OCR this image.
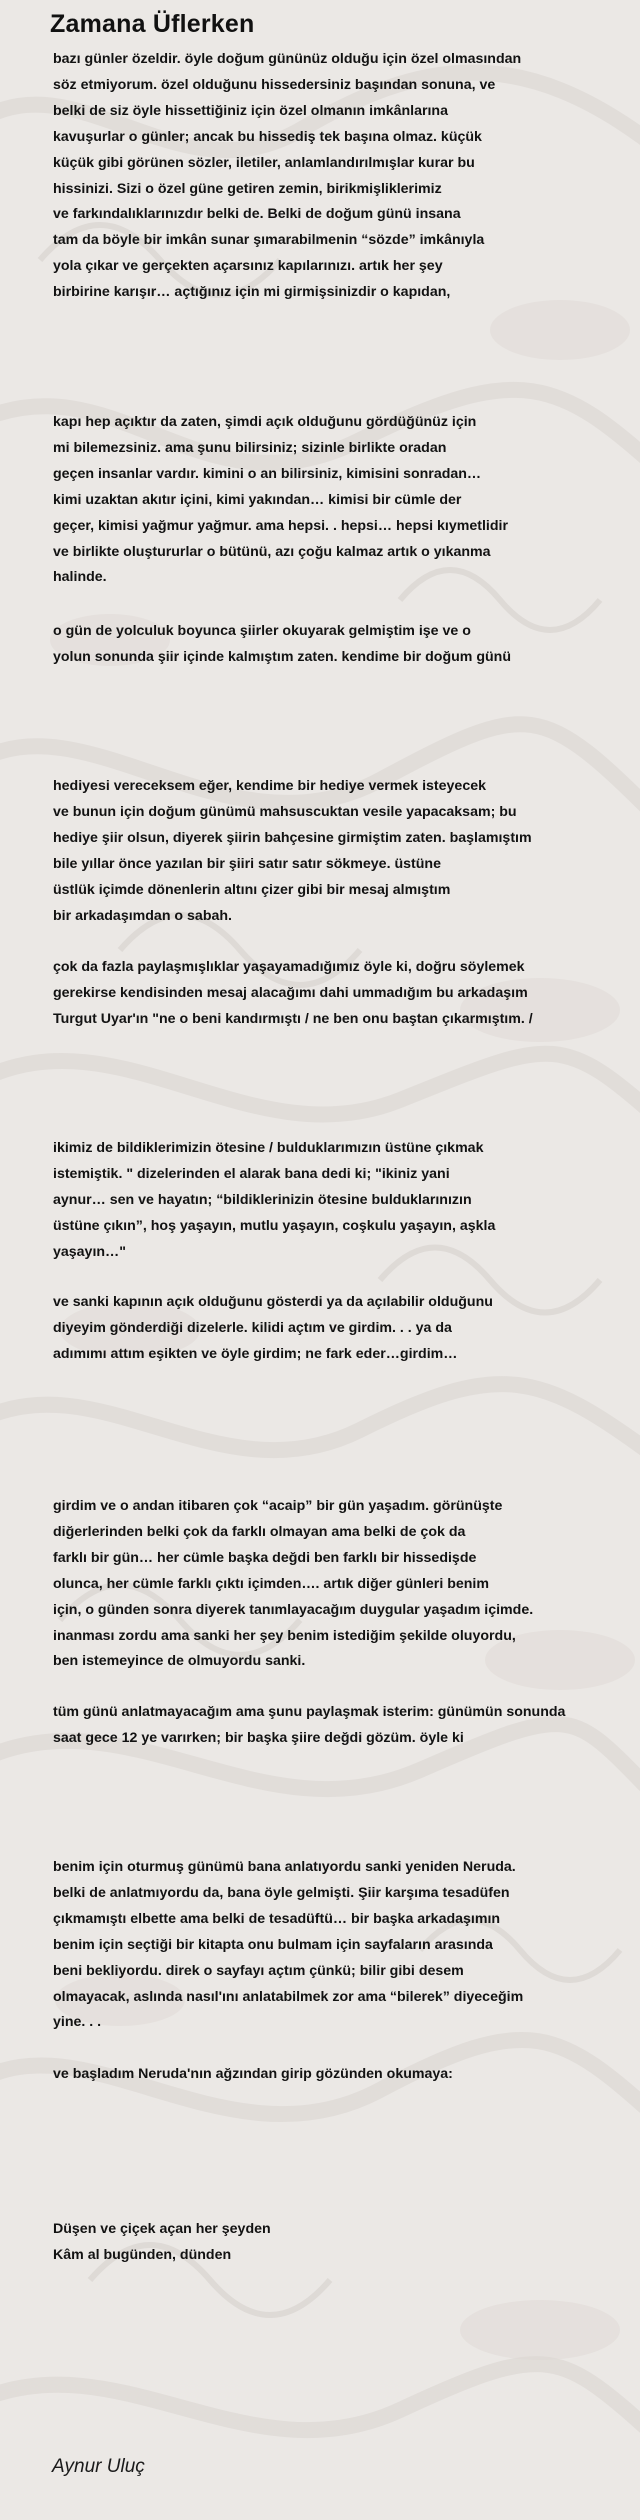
Zamana Üflerken
bazı günler özeldir. öyle doğum gününüz olduğu için özel olmasından
söz etmiyorum. özel olduğunu hissedersiniz başından sonuna, ve
belki de siz öyle hissettiğiniz için özel olmanın imkânlarına
kavuşurlar o günler; ancak bu hissediş tek başına olmaz. küçük
küçük gibi görünen sözler, iletiler, anlamlandırılmışlar kurar bu
hissinizi. Sizi o özel güne getiren zemin, birikmişliklerimiz
ve farkındalıklarınızdır belki de. Belki de doğum günü insana
tam da böyle bir imkân sunar şımarabilmenin “sözde” imkânıyla
yola çıkar ve gerçekten açarsınız kapılarınızı. artık her şey
birbirine karışır… açtığınız için mi girmişsinizdir o kapıdan,
kapı hep açıktır da zaten, şimdi açık olduğunu gördüğünüz için
mi bilemezsiniz. ama şunu bilirsiniz; sizinle birlikte oradan
geçen insanlar vardır. kimini o an bilirsiniz, kimisini sonradan…
kimi uzaktan akıtır içini, kimi yakından… kimisi bir cümle der
geçer, kimisi yağmur yağmur. ama hepsi. . hepsi… hepsi kıymetlidir
ve birlikte oluştururlar o bütünü, azı çoğu kalmaz artık o yıkanma
halinde.
o gün de yolculuk boyunca şiirler okuyarak gelmiştim işe ve o
yolun sonunda şiir içinde kalmıştım zaten. kendime bir doğum günü
hediyesi vereceksem eğer, kendime bir hediye vermek isteyecek
ve bunun için doğum günümü mahsuscuktan vesile yapacaksam; bu
hediye şiir olsun, diyerek şiirin bahçesine girmiştim zaten. başlamıştım
bile yıllar önce yazılan bir şiiri satır satır sökmeye. üstüne
üstlük içimde dönenlerin altını çizer gibi bir mesaj almıştım
bir arkadaşımdan o sabah.
çok da fazla paylaşmışlıklar yaşayamadığımız öyle ki, doğru söylemek
gerekirse kendisinden mesaj alacağımı dahi ummadığım bu arkadaşım
Turgut Uyar'ın "ne o beni kandırmıştı / ne ben onu baştan çıkarmıştım. /
ikimiz de bildiklerimizin ötesine / bulduklarımızın üstüne çıkmak
istemiştik. " dizelerinden el alarak bana dedi ki; "ikiniz yani
aynur… sen ve hayatın; “bildiklerinizin ötesine bulduklarınızın
üstüne çıkın”, hoş yaşayın, mutlu yaşayın, coşkulu yaşayın, aşkla
yaşayın…"
ve sanki kapının açık olduğunu gösterdi ya da açılabilir olduğunu
diyeyim gönderdiği dizelerle. kilidi açtım ve girdim. . . ya da
adımımı attım eşikten ve öyle girdim; ne fark eder…girdim…
girdim ve o andan itibaren çok “acaip” bir gün yaşadım. görünüşte
diğerlerinden belki çok da farklı olmayan ama belki de çok da
farklı bir gün… her cümle başka değdi ben farklı bir hissedişde
olunca, her cümle farklı çıktı içimden…. artık diğer günleri benim
için, o günden sonra diyerek tanımlayacağım duygular yaşadım içimde.
inanması zordu ama sanki her şey benim istediğim şekilde oluyordu,
ben istemeyince de olmuyordu sanki.
tüm günü anlatmayacağım ama şunu paylaşmak isterim: günümün sonunda
saat gece 12 ye varırken; bir başka şiire değdi gözüm. öyle ki
benim için oturmuş günümü bana anlatıyordu sanki yeniden Neruda.
belki de anlatmıyordu da, bana öyle gelmişti. Şiir karşıma tesadüfen
çıkmamıştı elbette ama belki de tesadüftü… bir başka arkadaşımın
benim için seçtiği bir kitapta onu bulmam için sayfaların arasında
beni bekliyordu. direk o sayfayı açtım çünkü; bilir gibi desem
olmayacak, aslında nasıl'ını anlatabilmek zor ama “bilerek” diyeceğim
yine. . .
ve başladım Neruda'nın ağzından girip gözünden okumaya:
Düşen ve çiçek açan her şeyden
Kâm al bugünden, dünden
Aynur Uluç
